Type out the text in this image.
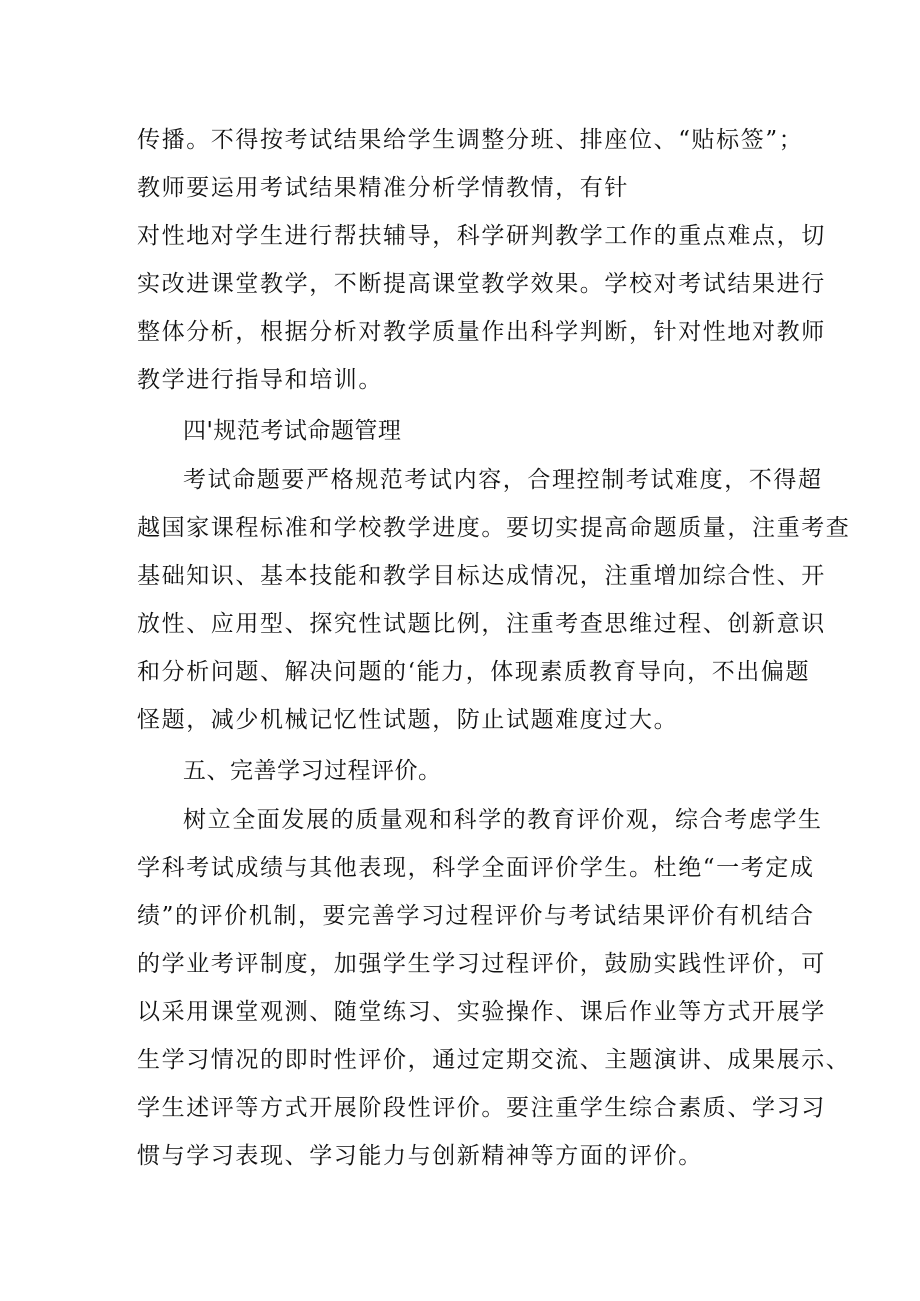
传播。不得按考试结果给学生调整分班、排座位、“贴标签”；
教师要运用考试结果精准分析学情教情，有针
对性地对学生进行帮扶辅导，科学研判教学工作的重点难点，切
实改进课堂教学，不断提高课堂教学效果。学校对考试结果进行
整体分析，根据分析对教学质量作出科学判断，针对性地对教师
教学进行指导和培训。
四'规范考试命题管理
考试命题要严格规范考试内容，合理控制考试难度，不得超
越国家课程标准和学校教学进度。要切实提高命题质量，注重考查
基础知识、基本技能和教学目标达成情况，注重增加综合性、开
放性、应用型、探究性试题比例，注重考查思维过程、创新意识
和分析问题、解决问题的‘能力，体现素质教育导向，不出偏题
怪题，减少机械记忆性试题，防止试题难度过大。
五、完善学习过程评价。
树立全面发展的质量观和科学的教育评价观，综合考虑学生
学科考试成绩与其他表现，科学全面评价学生。杜绝“一考定成
绩”的评价机制，要完善学习过程评价与考试结果评价有机结合
的学业考评制度，加强学生学习过程评价，鼓励实践性评价，可
以采用课堂观测、随堂练习、实验操作、课后作业等方式开展学
生学习情况的即时性评价，通过定期交流、主题演讲、成果展示、
学生述评等方式开展阶段性评价。要注重学生综合素质、学习习
惯与学习表现、学习能力与创新精神等方面的评价。
